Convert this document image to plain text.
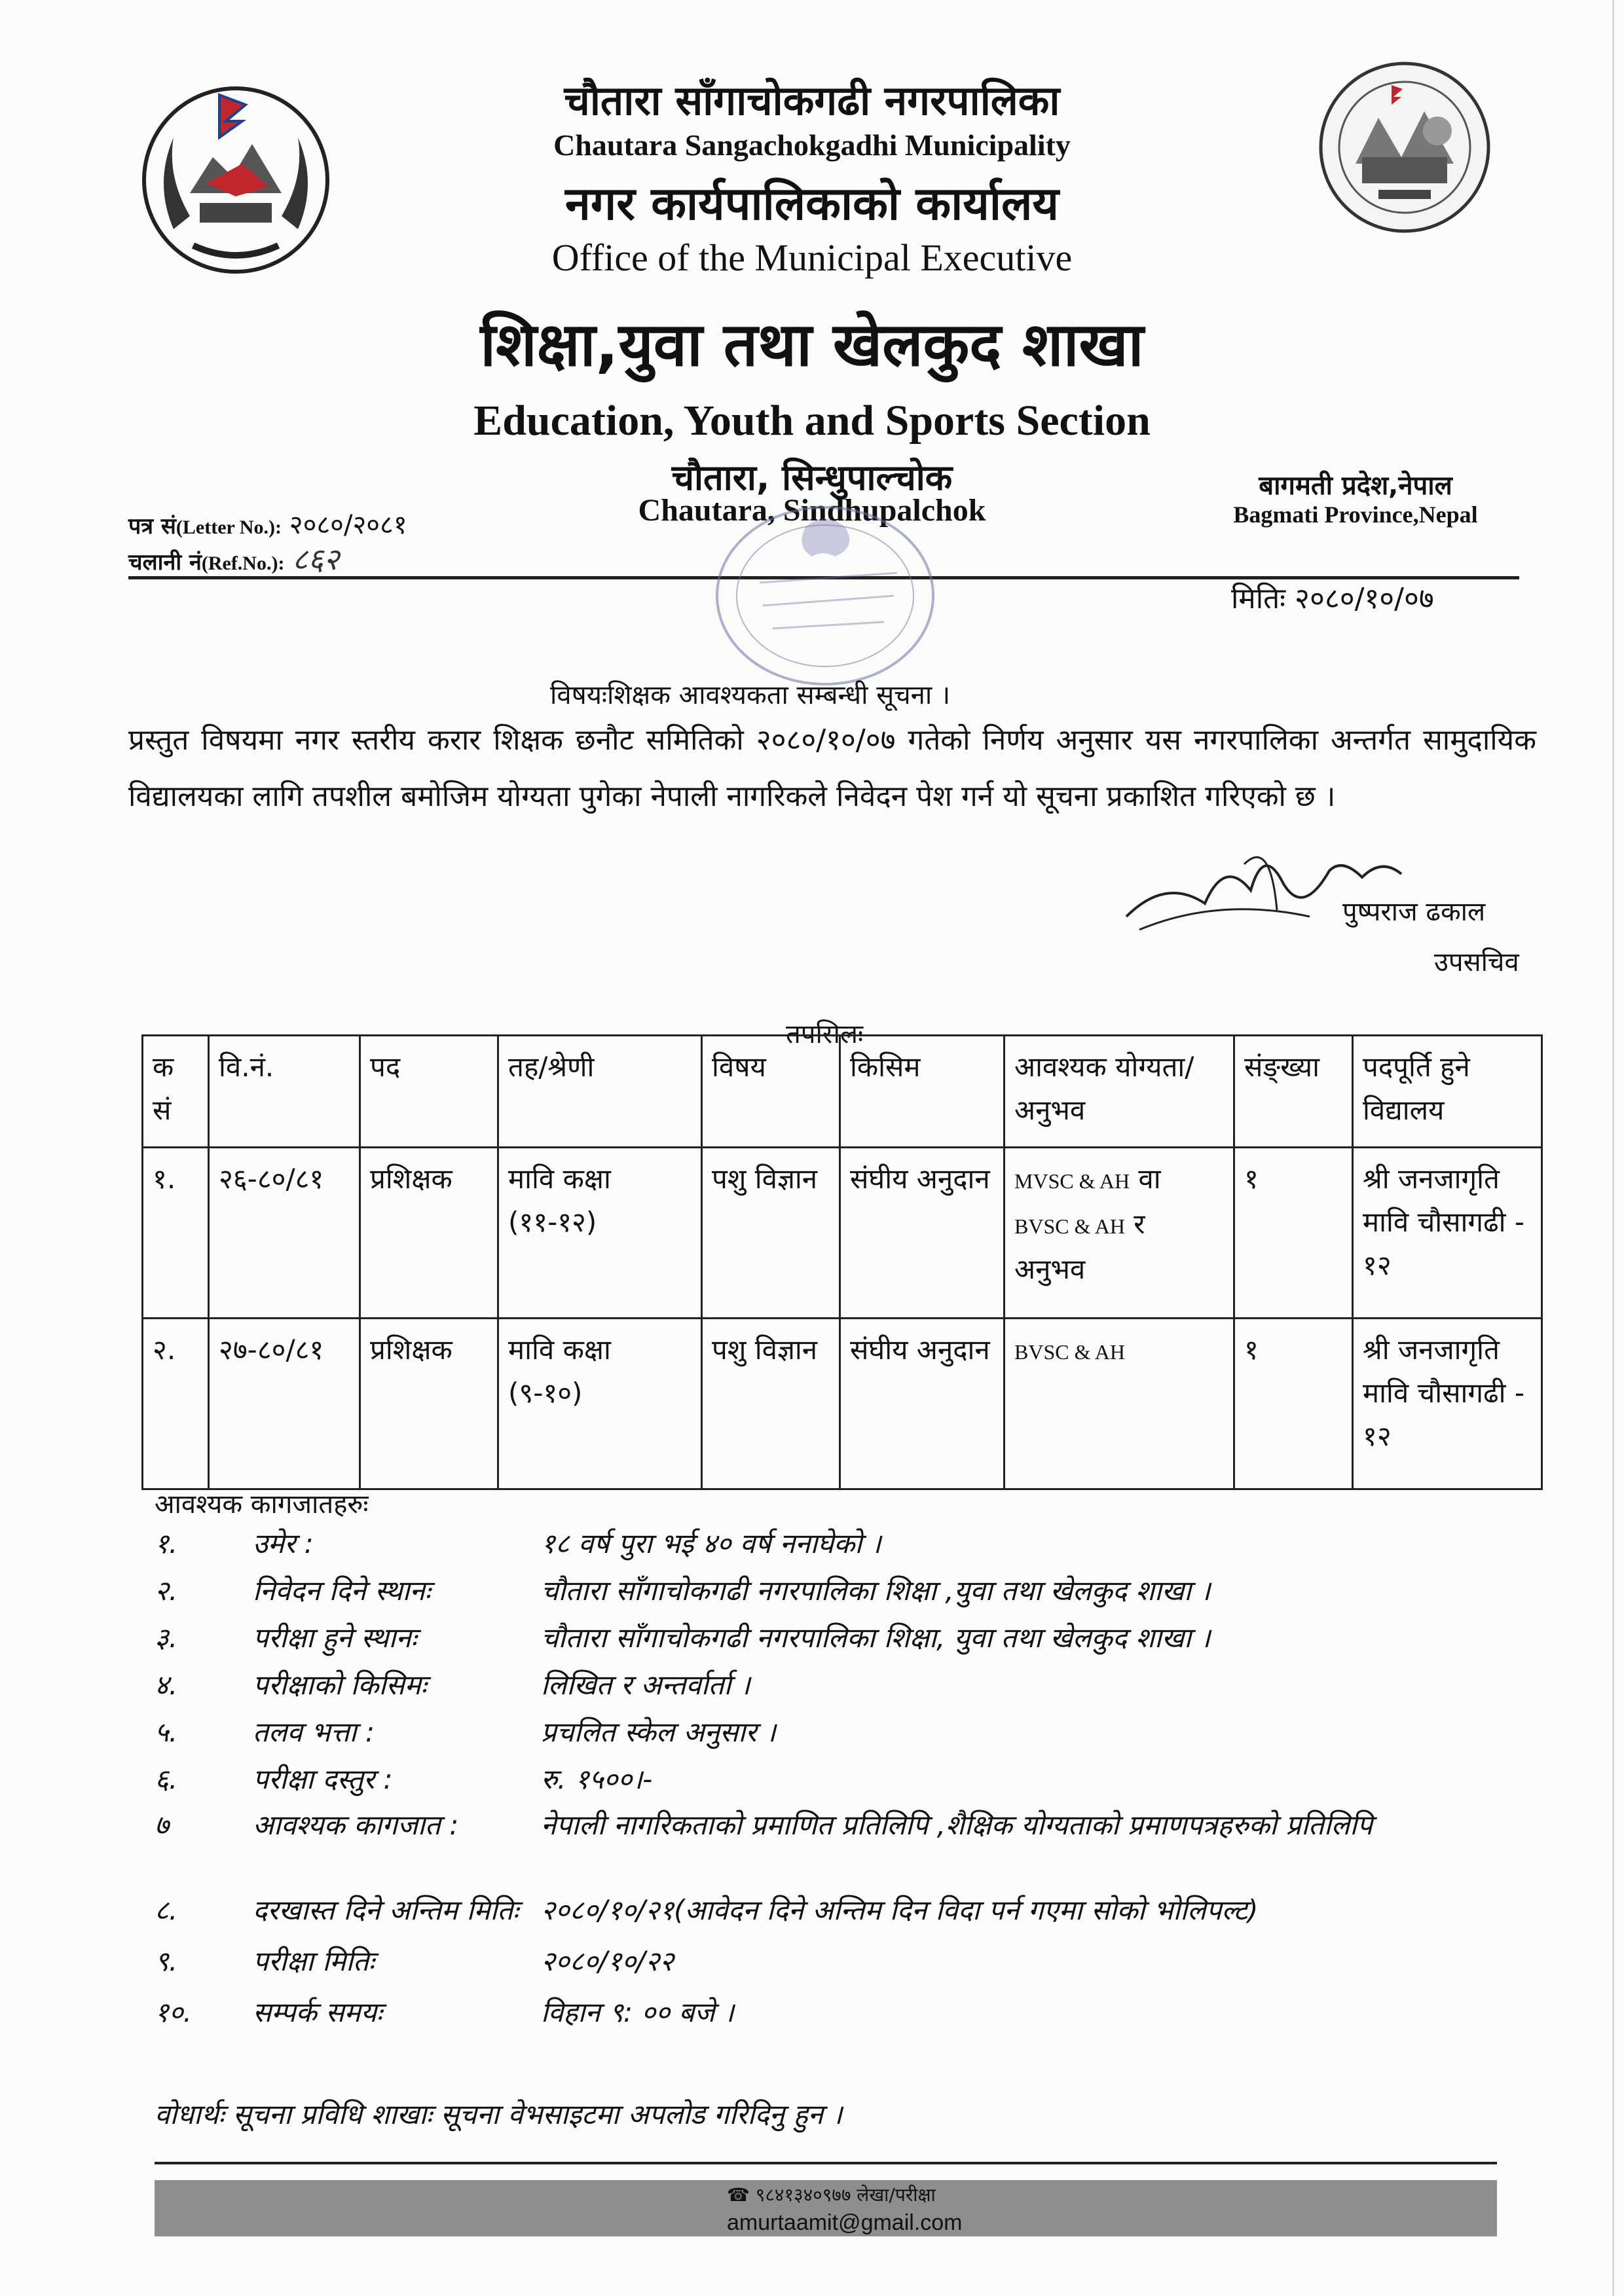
चौतारा साँगाचोकगढी नगरपालिका
Chautara Sangachokgadhi Municipality
नगर कार्यपालिकाको कार्यालय
Office of the Municipal Executive
शिक्षा,युवा तथा खेलकुद शाखा
Education, Youth and Sports Section
चौतारा, सिन्धुपाल्चोक
Chautara, Sindhupalchok
बागमती प्रदेश,नेपाल
Bagmati Province,Nepal
पत्र सं(Letter No.): २०८०/२०८१
चलानी नं(Ref.No.): ८६२
मितिः २०८०/१०/०७
विषयःशिक्षक आवश्यकता सम्बन्धी सूचना ।
प्रस्तुत विषयमा नगर स्तरीय करार शिक्षक छनौट समितिको २०८०/१०/०७ गतेको निर्णय अनुसार यस नगरपालिका अन्तर्गत सामुदायिक विद्यालयका लागि तपशील बमोजिम योग्यता पुगेका नेपाली नागरिकले निवेदन पेश गर्न यो सूचना प्रकाशित गरिएको छ ।
पुष्पराज ढकाल
उपसचिव
तपसिलः
क सं	वि.नं.	पद	तह/श्रेणी	विषय	किसिम	आवश्यक योग्यता/अनुभव	संङ्ख्या	पदपूर्ति हुने विद्यालय
१.	२६-८०/८१	प्रशिक्षक	मावि कक्षा (११-१२)	पशु विज्ञान	संघीय अनुदान	MVSC & AH वा
BVSC & AH र अनुभव	१	श्री जनजागृति मावि चौसागढी - १२
२.	२७-८०/८१	प्रशिक्षक	मावि कक्षा (९-१०)	पशु विज्ञान	संघीय अनुदान	BVSC & AH	१	श्री जनजागृति मावि चौसागढी - १२
आवश्यक कागजातहरुः
१.	उमेर :	१८ वर्ष पुरा भई ४० वर्ष ननाघेको ।
२.	निवेदन दिने स्थानः	चौतारा साँगाचोकगढी नगरपालिका शिक्षा ,युवा तथा खेलकुद शाखा ।
३.	परीक्षा हुने स्थानः	चौतारा साँगाचोकगढी नगरपालिका शिक्षा, युवा तथा खेलकुद शाखा ।
४.	परीक्षाको किसिमः	लिखित र अन्तर्वार्ता ।
५.	तलव भत्ता :	प्रचलित स्केल अनुसार ।
६.	परीक्षा दस्तुर :	रु. १५००।-
७	आवश्यक कागजात :	नेपाली नागरिकताको प्रमाणित प्रतिलिपि ,शैक्षिक योग्यताको प्रमाणपत्रहरुको प्रतिलिपि
८.	दरखास्त दिने अन्तिम मितिः २०८०/१०/२१(आवेदन दिने अन्तिम दिन विदा पर्न गएमा सोको भोलिपल्ट)
९.	परीक्षा मितिः	२०८०/१०/२२
१०.	सम्पर्क समयः	विहान ९: ०० बजे ।
वोधार्थः सूचना प्रविधि शाखाः सूचना वेभसाइटमा अपलोड गरिदिनु हुन ।
☎ ९८४१३४०९७७ लेखा/परीक्षा
amurtaamit@gmail.com
